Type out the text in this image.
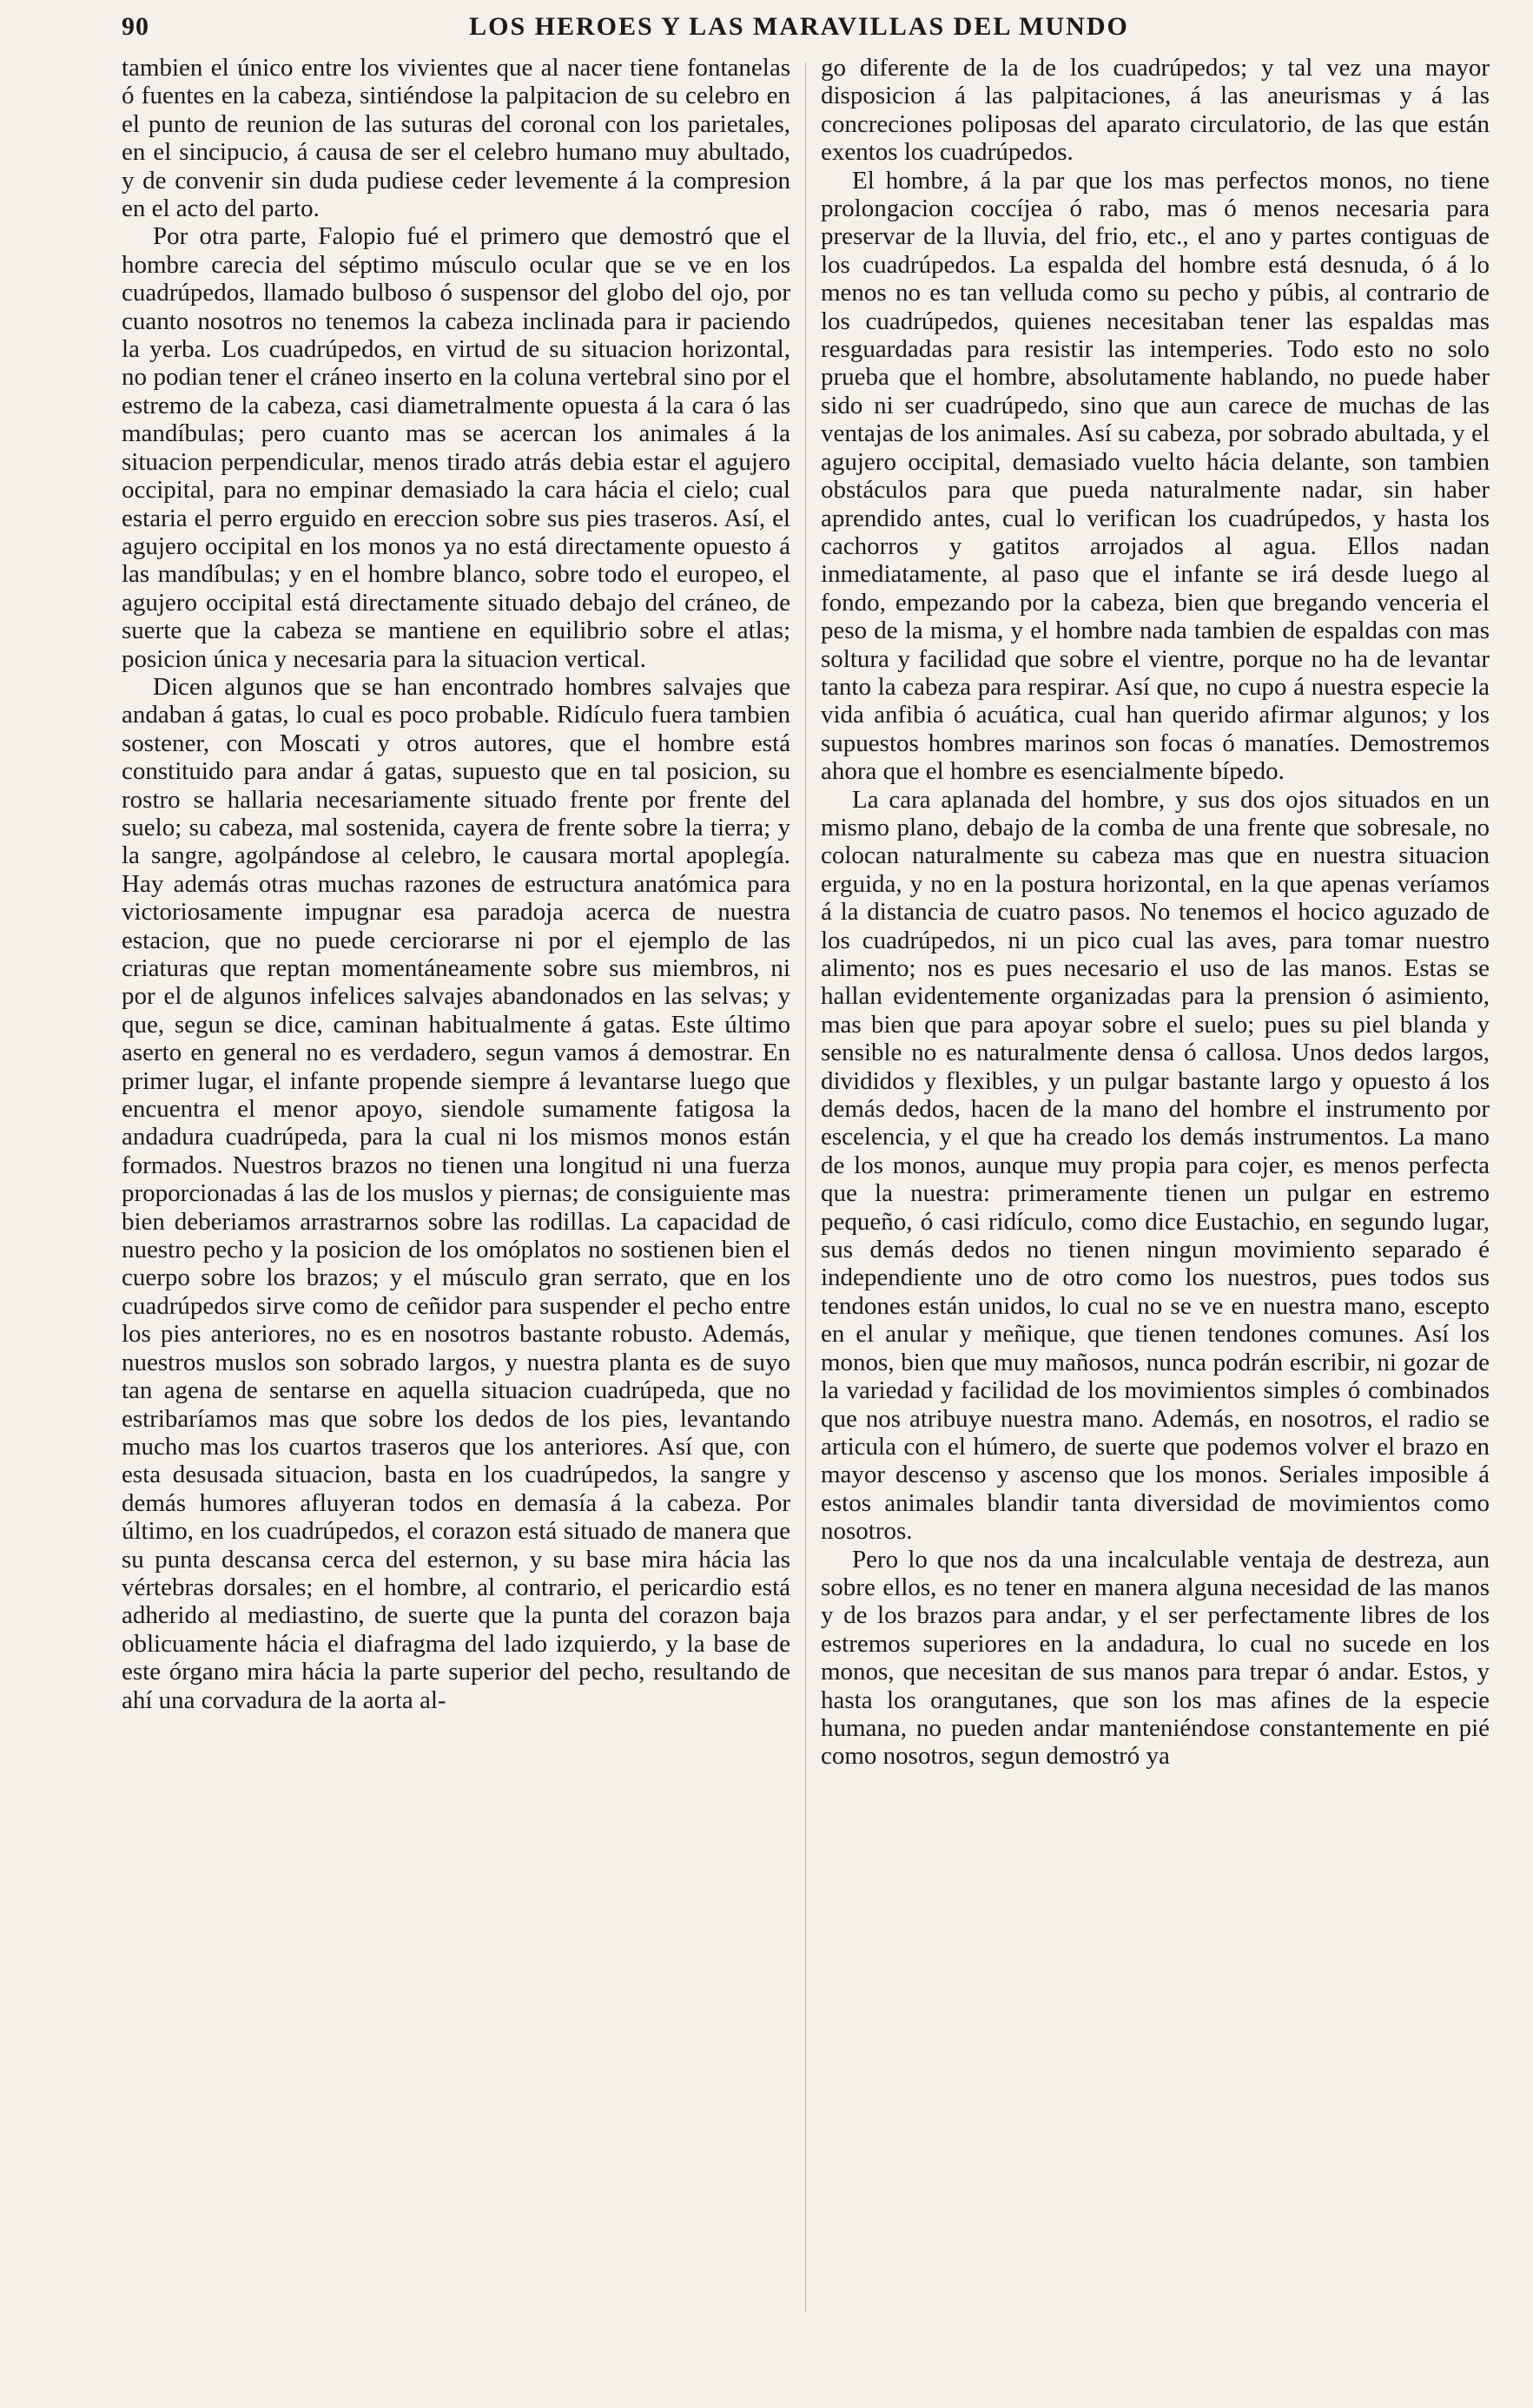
90	LOS HEROES Y LAS MARAVILLAS DEL MUNDO

tambien el único entre los vivientes que al nacer tiene fontanelas ó fuentes en la cabeza, sintiéndose la palpitacion de su celebro en el punto de reunion de las suturas del coronal con los parietales, en el sincipucio, á causa de ser el celebro humano muy abultado, y de convenir sin duda pudiese ceder levemente á la compresion en el acto del parto.

Por otra parte, Falopio fué el primero que demostró que el hombre carecia del séptimo músculo ocular que se ve en los cuadrúpedos, llamado bulboso ó suspensor del globo del ojo, por cuanto nosotros no tenemos la cabeza inclinada para ir paciendo la yerba. Los cuadrúpedos, en virtud de su situacion horizontal, no podian tener el cráneo inserto en la coluna vertebral sino por el estremo de la cabeza, casi diametralmente opuesta á la cara ó las mandíbulas; pero cuanto mas se acercan los animales á la situacion perpendicular, menos tirado atrás debia estar el agujero occipital, para no empinar demasiado la cara hácia el cielo; cual estaria el perro erguido en ereccion sobre sus pies traseros. Así, el agujero occipital en los monos ya no está directamente opuesto á las mandíbulas; y en el hombre blanco, sobre todo el europeo, el agujero occipital está directamente situado debajo del cráneo, de suerte que la cabeza se mantiene en equilibrio sobre el atlas; posicion única y necesaria para la situacion vertical.

Dicen algunos que se han encontrado hombres salvajes que andaban á gatas, lo cual es poco probable. Ridículo fuera tambien sostener, con Moscati y otros autores, que el hombre está constituido para andar á gatas, supuesto que en tal posicion, su rostro se hallaria necesariamente situado frente por frente del suelo; su cabeza, mal sostenida, cayera de frente sobre la tierra; y la sangre, agolpándose al celebro, le causara mortal apoplegía. Hay además otras muchas razones de estructura anatómica para victoriosamente impugnar esa paradoja acerca de nuestra estacion, que no puede cerciorarse ni por el ejemplo de las criaturas que reptan momentáneamente sobre sus miembros, ni por el de algunos infelices salvajes abandonados en las selvas; y que, segun se dice, caminan habitualmente á gatas. Este último aserto en general no es verdadero, segun vamos á demostrar. En primer lugar, el infante propende siempre á levantarse luego que encuentra el menor apoyo, siendole sumamente fatigosa la andadura cuadrúpeda, para la cual ni los mismos monos están formados. Nuestros brazos no tienen una longitud ni una fuerza proporcionadas á las de los muslos y piernas; de consiguiente mas bien deberiamos arrastrarnos sobre las rodillas. La capacidad de nuestro pecho y la posicion de los omóplatos no sostienen bien el cuerpo sobre los brazos; y el músculo gran serrato, que en los cuadrúpedos sirve como de ceñidor para suspender el pecho entre los pies anteriores, no es en nosotros bastante robusto. Además, nuestros muslos son sobrado largos, y nuestra planta es de suyo tan agena de sentarse en aquella situacion cuadrúpeda, que no estribaríamos mas que sobre los dedos de los pies, levantando mucho mas los cuartos traseros que los anteriores. Así que, con esta desusada situacion, basta en los cuadrúpedos, la sangre y demás humores afluyeran todos en demasía á la cabeza. Por último, en los cuadrúpedos, el corazon está situado de manera que su punta descansa cerca del esternon, y su base mira hácia las vértebras dorsales; en el hombre, al contrario, el pericardio está adherido al mediastino, de suerte que la punta del corazon baja oblicuamente hácia el diafragma del lado izquierdo, y la base de este órgano mira hácia la parte superior del pecho, resultando de ahí una corvadura de la aorta al-

go diferente de la de los cuadrúpedos; y tal vez una mayor disposicion á las palpitaciones, á las aneurismas y á las concreciones poliposas del aparato circulatorio, de las que están exentos los cuadrúpedos.

El hombre, á la par que los mas perfectos monos, no tiene prolongacion coccíjea ó rabo, mas ó menos necesaria para preservar de la lluvia, del frio, etc., el ano y partes contiguas de los cuadrúpedos. La espalda del hombre está desnuda, ó á lo menos no es tan velluda como su pecho y púbis, al contrario de los cuadrúpedos, quienes necesitaban tener las espaldas mas resguardadas para resistir las intemperies. Todo esto no solo prueba que el hombre, absolutamente hablando, no puede haber sido ni ser cuadrúpedo, sino que aun carece de muchas de las ventajas de los animales. Así su cabeza, por sobrado abultada, y el agujero occipital, demasiado vuelto hácia delante, son tambien obstáculos para que pueda naturalmente nadar, sin haber aprendido antes, cual lo verifican los cuadrúpedos, y hasta los cachorros y gatitos arrojados al agua. Ellos nadan inmediatamente, al paso que el infante se irá desde luego al fondo, empezando por la cabeza, bien que bregando venceria el peso de la misma, y el hombre nada tambien de espaldas con mas soltura y facilidad que sobre el vientre, porque no ha de levantar tanto la cabeza para respirar. Así que, no cupo á nuestra especie la vida anfibia ó acuática, cual han querido afirmar algunos; y los supuestos hombres marinos son focas ó manatíes. Demostremos ahora que el hombre es esencialmente bípedo.

La cara aplanada del hombre, y sus dos ojos situados en un mismo plano, debajo de la comba de una frente que sobresale, no colocan naturalmente su cabeza mas que en nuestra situacion erguida, y no en la postura horizontal, en la que apenas veríamos á la distancia de cuatro pasos. No tenemos el hocico aguzado de los cuadrúpedos, ni un pico cual las aves, para tomar nuestro alimento; nos es pues necesario el uso de las manos. Estas se hallan evidentemente organizadas para la prension ó asimiento, mas bien que para apoyar sobre el suelo; pues su piel blanda y sensible no es naturalmente densa ó callosa. Unos dedos largos, divididos y flexibles, y un pulgar bastante largo y opuesto á los demás dedos, hacen de la mano del hombre el instrumento por escelencia, y el que ha creado los demás instrumentos. La mano de los monos, aunque muy propia para cojer, es menos perfecta que la nuestra: primeramente tienen un pulgar en estremo pequeño, ó casi ridículo, como dice Eustachio, en segundo lugar, sus demás dedos no tienen ningun movimiento separado é independiente uno de otro como los nuestros, pues todos sus tendones están unidos, lo cual no se ve en nuestra mano, escepto en el anular y meñique, que tienen tendones comunes. Así los monos, bien que muy mañosos, nunca podrán escribir, ni gozar de la variedad y facilidad de los movimientos simples ó combinados que nos atribuye nuestra mano. Además, en nosotros, el radio se articula con el húmero, de suerte que podemos volver el brazo en mayor descenso y ascenso que los monos. Seriales imposible á estos animales blandir tanta diversidad de movimientos como nosotros.

Pero lo que nos da una incalculable ventaja de destreza, aun sobre ellos, es no tener en manera alguna necesidad de las manos y de los brazos para andar, y el ser perfectamente libres de los estremos superiores en la andadura, lo cual no sucede en los monos, que necesitan de sus manos para trepar ó andar. Estos, y hasta los orangutanes, que son los mas afines de la especie humana, no pueden andar manteniéndose constantemente en pié como nosotros, segun demostró ya
